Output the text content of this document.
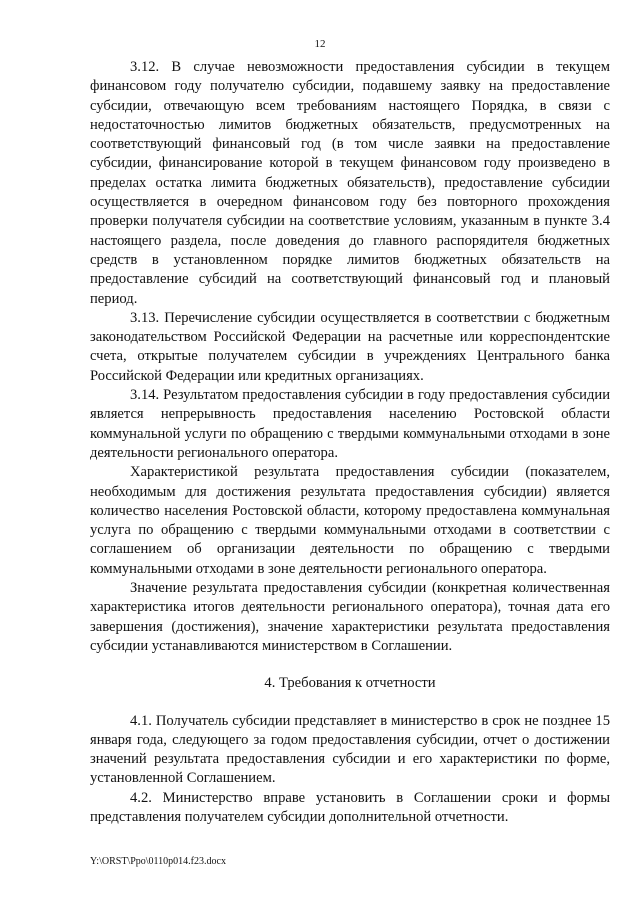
12

3.12. В случае невозможности предоставления субсидии в текущем финансовом году получателю субсидии, подавшему заявку на предоставление субсидии, отвечающую всем требованиям настоящего Порядка, в связи с недостаточностью лимитов бюджетных обязательств, предусмотренных на соответствующий финансовый год (в том числе заявки на предоставление субсидии, финансирование которой в текущем финансовом году произведено в пределах остатка лимита бюджетных обязательств), предоставление субсидии осуществляется в очередном финансовом году без повторного прохождения проверки получателя субсидии на соответствие условиям, указанным в пункте 3.4 настоящего раздела, после доведения до главного распорядителя бюджетных средств в установленном порядке лимитов бюджетных обязательств на предоставление субсидий на соответствующий финансовый год и плановый период.

3.13. Перечисление субсидии осуществляется в соответствии с бюджетным законодательством Российской Федерации на расчетные или корреспондентские счета, открытые получателем субсидии в учреждениях Центрального банка Российской Федерации или кредитных организациях.

3.14. Результатом предоставления субсидии в году предоставления субсидии является непрерывность предоставления населению Ростовской области коммунальной услуги по обращению с твердыми коммунальными отходами в зоне деятельности регионального оператора.

Характеристикой результата предоставления субсидии (показателем, необходимым для достижения результата предоставления субсидии) является количество населения Ростовской области, которому предоставлена коммунальная услуга по обращению с твердыми коммунальными отходами в соответствии с соглашением об организации деятельности по обращению с твердыми коммунальными отходами в зоне деятельности регионального оператора.

Значение результата предоставления субсидии (конкретная количественная характеристика итогов деятельности регионального оператора), точная дата его завершения (достижения), значение характеристики результата предоставления субсидии устанавливаются министерством в Соглашении.

4. Требования к отчетности

4.1. Получатель субсидии представляет в министерство в срок не позднее 15 января года, следующего за годом предоставления субсидии, отчет о достижении значений результата предоставления субсидии и его характеристики по форме, установленной Соглашением.

4.2. Министерство вправе установить в Соглашении сроки и формы представления получателем субсидии дополнительной отчетности.

Y:\ORST\Ppo\0110p014.f23.docx
